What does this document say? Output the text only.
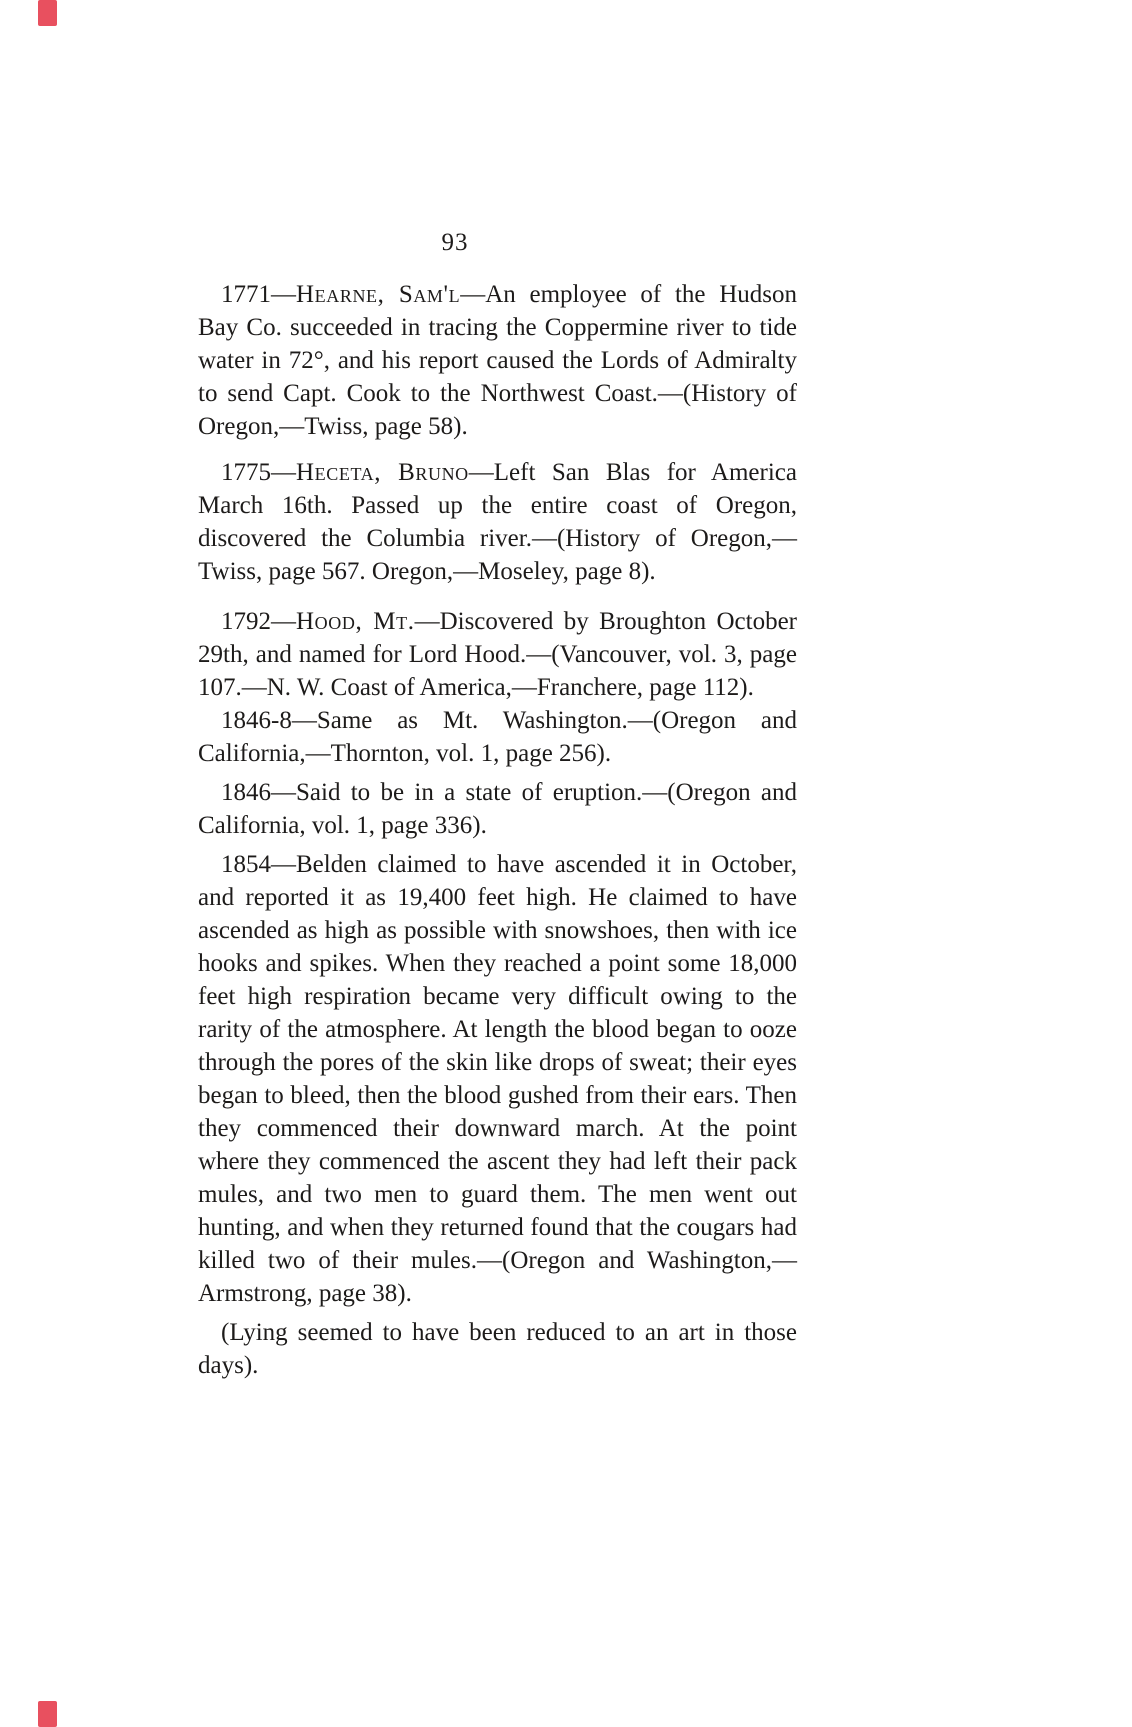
93

1771—Hearne, Sam'l—An employee of the Hudson Bay Co. succeeded in tracing the Coppermine river to tide water in 72°, and his report caused the Lords of Admiralty to send Capt. Cook to the Northwest Coast.—(History of Oregon,—Twiss, page 58).

1775—Heceta, Bruno—Left San Blas for America March 16th. Passed up the entire coast of Oregon, discovered the Columbia river.—(History of Oregon,—Twiss, page 567. Oregon,—Moseley, page 8).

1792—Hood, Mt.—Discovered by Broughton October 29th, and named for Lord Hood.—(Vancouver, vol. 3, page 107.—N. W. Coast of America,—Franchere, page 112).

1846-8—Same as Mt. Washington.—(Oregon and California,—Thornton, vol. 1, page 256).

1846—Said to be in a state of eruption.—(Oregon and California, vol. 1, page 336).

1854—Belden claimed to have ascended it in October, and reported it as 19,400 feet high. He claimed to have ascended as high as possible with snowshoes, then with ice hooks and spikes. When they reached a point some 18,000 feet high respiration became very difficult owing to the rarity of the atmosphere. At length the blood began to ooze through the pores of the skin like drops of sweat; their eyes began to bleed, then the blood gushed from their ears. Then they commenced their downward march. At the point where they commenced the ascent they had left their pack mules, and two men to guard them. The men went out hunting, and when they returned found that the cougars had killed two of their mules.—(Oregon and Washington,—Armstrong, page 38).

(Lying seemed to have been reduced to an art in those days).
